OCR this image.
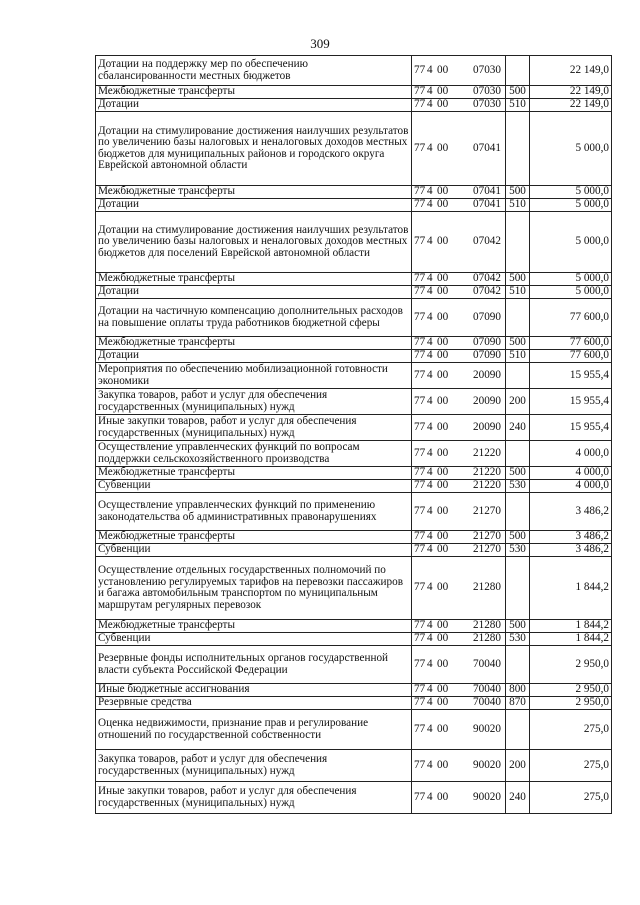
309
Дотации на поддержку мер по обеспечению сбалансированности местных бюджетов	77 4 00 07030		22 149,0
Межбюджетные трансферты	77 4 00 07030	500	22 149,0
Дотации	77 4 00 07030	510	22 149,0
Дотации на стимулирование достижения наилучших результатов по увеличению базы налоговых и неналоговых доходов местных бюджетов для муниципальных районов и городского округа Еврейской автономной области	77 4 00 07041		5 000,0
Межбюджетные трансферты	77 4 00 07041	500	5 000,0
Дотации	77 4 00 07041	510	5 000,0
Дотации на стимулирование достижения наилучших результатов по увеличению базы налоговых и неналоговых доходов местных бюджетов для поселений Еврейской автономной области	77 4 00 07042		5 000,0
Межбюджетные трансферты	77 4 00 07042	500	5 000,0
Дотации	77 4 00 07042	510	5 000,0
Дотации на частичную компенсацию дополнительных расходов на повышение оплаты труда работников бюджетной сферы	77 4 00 07090		77 600,0
Межбюджетные трансферты	77 4 00 07090	500	77 600,0
Дотации	77 4 00 07090	510	77 600,0
Мероприятия по обеспечению мобилизационной готовности экономики	77 4 00 20090		15 955,4
Закупка товаров, работ и услуг для обеспечения государственных (муниципальных) нужд	77 4 00 20090	200	15 955,4
Иные закупки товаров, работ и услуг для обеспечения государственных (муниципальных) нужд	77 4 00 20090	240	15 955,4
Осуществление управленческих функций по вопросам поддержки сельскохозяйственного производства	77 4 00 21220		4 000,0
Межбюджетные трансферты	77 4 00 21220	500	4 000,0
Субвенции	77 4 00 21220	530	4 000,0
Осуществление управленческих функций по применению законодательства об административных правонарушениях	77 4 00 21270		3 486,2
Межбюджетные трансферты	77 4 00 21270	500	3 486,2
Субвенции	77 4 00 21270	530	3 486,2
Осуществление отдельных государственных полномочий по установлению регулируемых тарифов на перевозки пассажиров и багажа автомобильным транспортом по муниципальным маршрутам регулярных перевозок	77 4 00 21280		1 844,2
Межбюджетные трансферты	77 4 00 21280	500	1 844,2
Субвенции	77 4 00 21280	530	1 844,2
Резервные фонды исполнительных органов государственной власти субъекта Российской Федерации	77 4 00 70040		2 950,0
Иные бюджетные ассигнования	77 4 00 70040	800	2 950,0
Резервные средства	77 4 00 70040	870	2 950,0
Оценка недвижимости, признание прав и регулирование отношений по государственной собственности	77 4 00 90020		275,0
Закупка товаров, работ и услуг для обеспечения государственных (муниципальных) нужд	77 4 00 90020	200	275,0
Иные закупки товаров, работ и услуг для обеспечения государственных (муниципальных) нужд	77 4 00 90020	240	275,0
